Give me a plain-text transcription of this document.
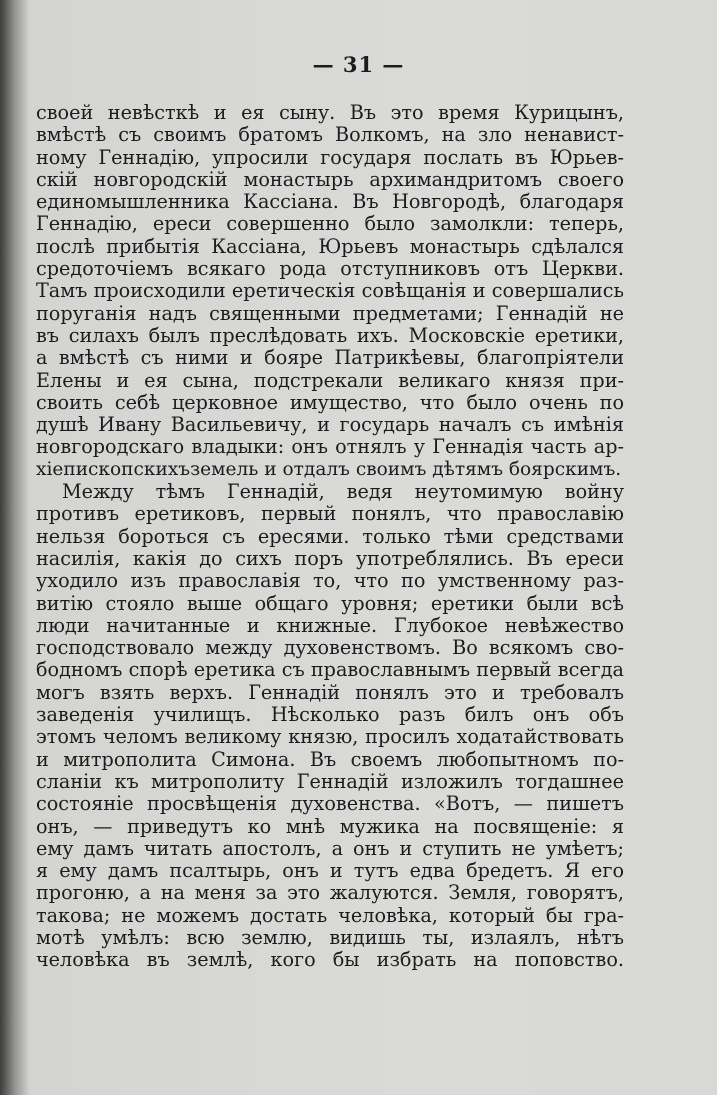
— 31 —
своей невѣсткѣ и ея сыну. Въ это время Курицынъ,
вмѣстѣ съ своимъ братомъ Волкомъ, на зло ненавист-
ному Геннадію, упросили государя послать въ Юрьев-
скій новгородскій монастырь архимандритомъ своего
единомышленника Кассіана. Въ Новгородѣ, благодаря
Геннадію, ереси совершенно было замолкли: теперь,
послѣ прибытія Кассіана, Юрьевъ монастырь сдѣлался
средоточіемъ всякаго рода отступниковъ отъ Церкви.
Тамъ происходили еретическія совѣщанія и совершались
поруганія надъ священными предметами; Геннадій не
въ силахъ былъ преслѣдовать ихъ. Московскіе еретики,
а вмѣстѣ съ ними и бояре Патрикѣевы, благопріятели
Елены и ея сына, подстрекали великаго князя при-
своить себѣ церковное имущество, что было очень по
душѣ Ивану Васильевичу, и государь началъ съ имѣнія
новгородскаго владыки: онъ отнялъ у Геннадія часть ар-
хіепископскихъземель и отдалъ своимъ дѣтямъ боярскимъ.
Между тѣмъ Геннадій, ведя неутомимую войну
противъ еретиковъ, первый понялъ, что православію
нельзя бороться съ ересями. только тѣми средствами
насилія, какія до сихъ поръ употреблялись. Въ ереси
уходило изъ православія то, что по умственному раз-
витію стояло выше общаго уровня; еретики были всѣ
люди начитанные и книжные. Глубокое невѣжество
господствовало между духовенствомъ. Во всякомъ сво-
бодномъ спорѣ еретика съ православнымъ первый всегда
могъ взять верхъ. Геннадій понялъ это и требовалъ
заведенія училищъ. Нѣсколько разъ билъ онъ объ
этомъ челомъ великому князю, просилъ ходатайствовать
и митрополита Симона. Въ своемъ любопытномъ по-
сланіи къ митрополиту Геннадій изложилъ тогдашнее
состояніе просвѣщенія духовенства. «Вотъ, — пишетъ
онъ, — приведутъ ко мнѣ мужика на посвященіе: я
ему дамъ читать апостолъ, а онъ и ступить не умѣетъ;
я ему дамъ псалтырь, онъ и тутъ едва бредетъ. Я его
прогоню, а на меня за это жалуются. Земля, говорятъ,
такова; не можемъ достать человѣка, который бы гра-
мотѣ умѣлъ: всю землю, видишь ты, излаялъ, нѣтъ
человѣка въ землѣ, кого бы избрать на поповство.
